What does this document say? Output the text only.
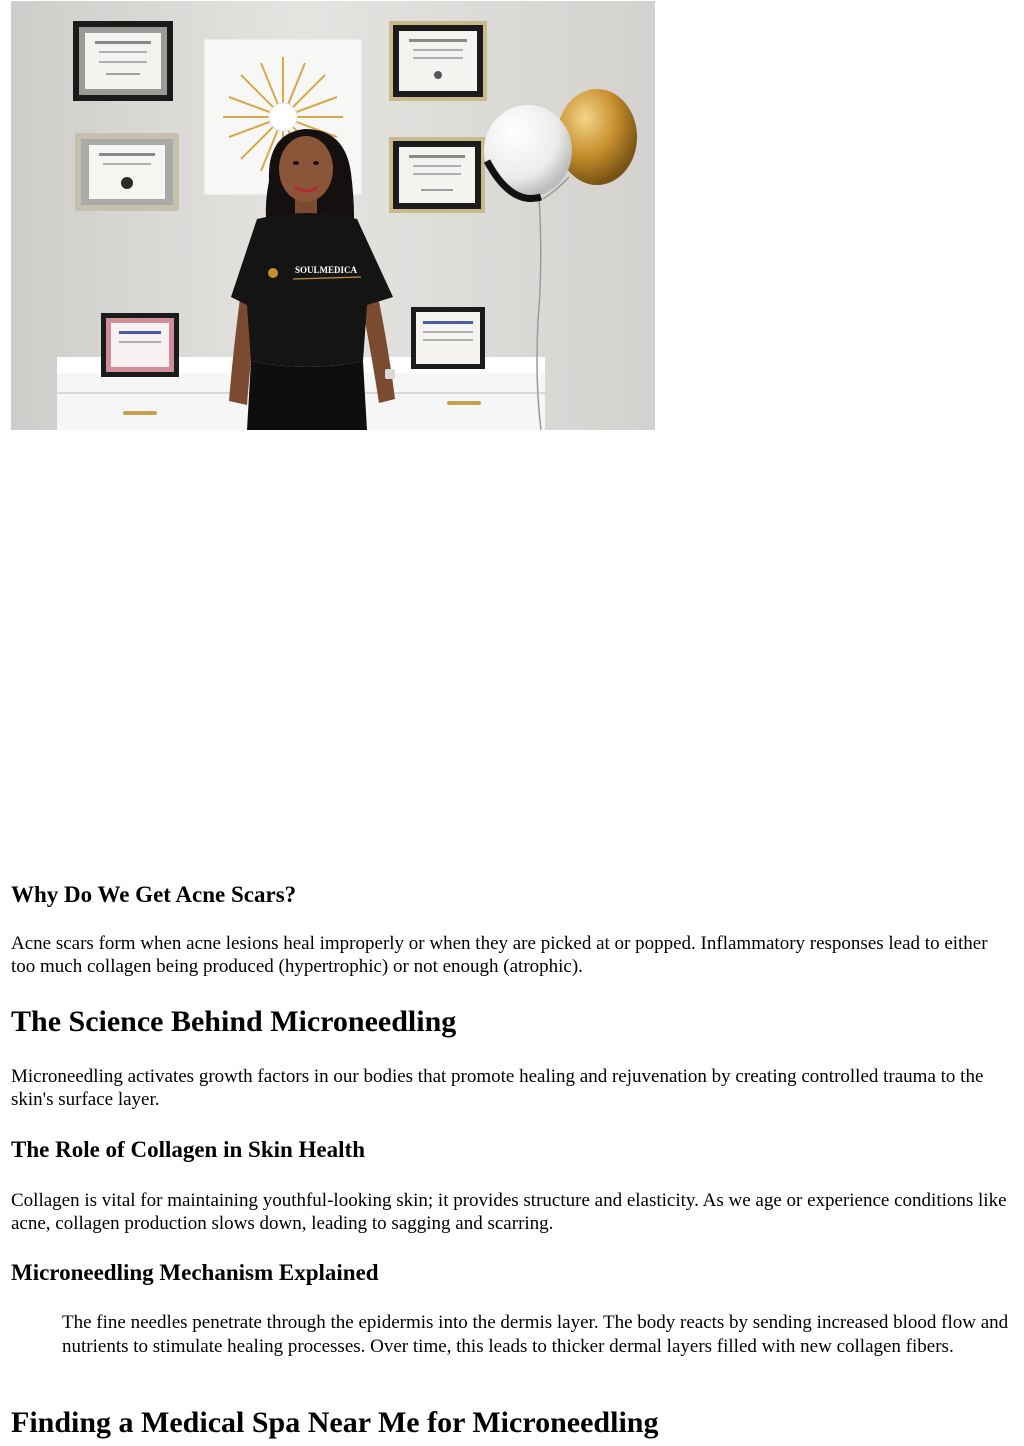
SOULMEDICA
Why Do We Get Acne Scars?

Acne scars form when acne lesions heal improperly or when they are picked at or popped. Inflammatory responses lead to either too much collagen being produced (hypertrophic) or not enough (atrophic).

The Science Behind Microneedling

Microneedling activates growth factors in our bodies that promote healing and rejuvenation by creating controlled trauma to the skin's surface layer.

The Role of Collagen in Skin Health

Collagen is vital for maintaining youthful-looking skin; it provides structure and elasticity. As we age or experience conditions like acne, collagen production slows down, leading to sagging and scarring.

Microneedling Mechanism Explained
The fine needles penetrate through the epidermis into the dermis layer. The body reacts by sending increased blood flow and nutrients to stimulate healing processes. Over time, this leads to thicker dermal layers filled with new collagen fibers.
Finding a Medical Spa Near Me for Microneedling
